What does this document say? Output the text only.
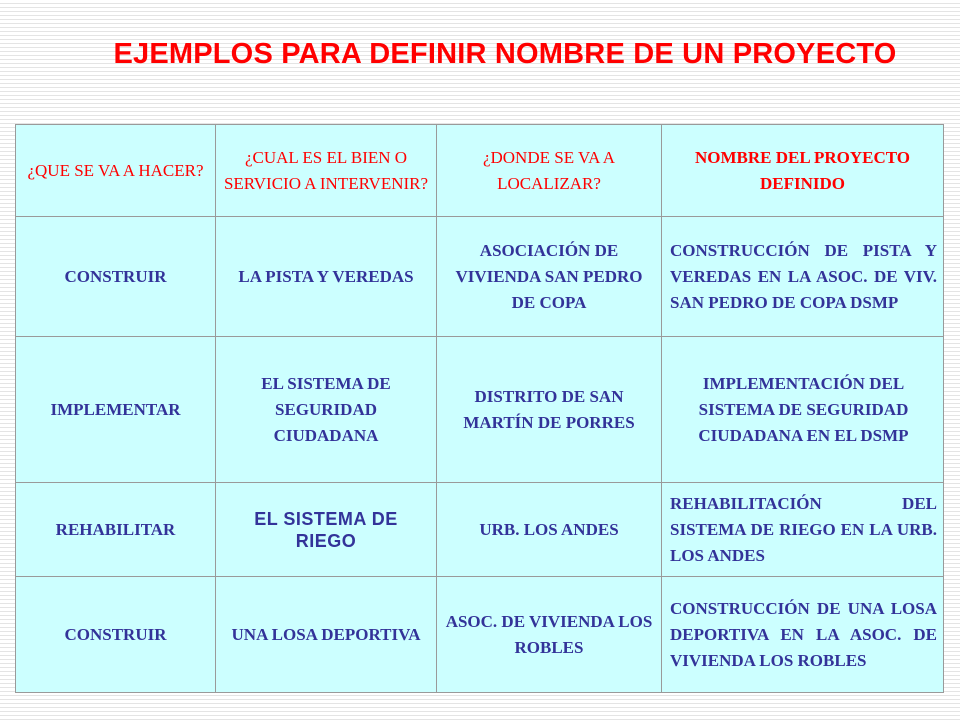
EJEMPLOS PARA DEFINIR NOMBRE DE UN PROYECTO
¿QUE SE VA A HACER?	¿CUAL ES EL BIEN O SERVICIO A INTERVENIR?	¿DONDE SE VA A LOCALIZAR?	NOMBRE DEL PROYECTO DEFINIDO
CONSTRUIR	LA PISTA Y VEREDAS	ASOCIACIÓN DE VIVIENDA SAN PEDRO DE COPA	CONSTRUCCIÓN DE PISTA Y VEREDAS EN LA ASOC. DE VIV. SAN PEDRO DE COPA DSMP
IMPLEMENTAR	EL SISTEMA DE SEGURIDAD CIUDADANA	DISTRITO DE SAN MARTÍN DE PORRES	IMPLEMENTACIÓN DEL SISTEMA DE SEGURIDAD CIUDADANA EN EL DSMP
REHABILITAR	EL SISTEMA DE RIEGO	URB. LOS ANDES	REHABILITACIÓN DEL SISTEMA DE RIEGO EN LA URB. LOS ANDES
CONSTRUIR	UNA LOSA DEPORTIVA	ASOC. DE VIVIENDA LOS ROBLES	CONSTRUCCIÓN DE UNA LOSA DEPORTIVA EN LA ASOC. DE VIVIENDA LOS ROBLES
